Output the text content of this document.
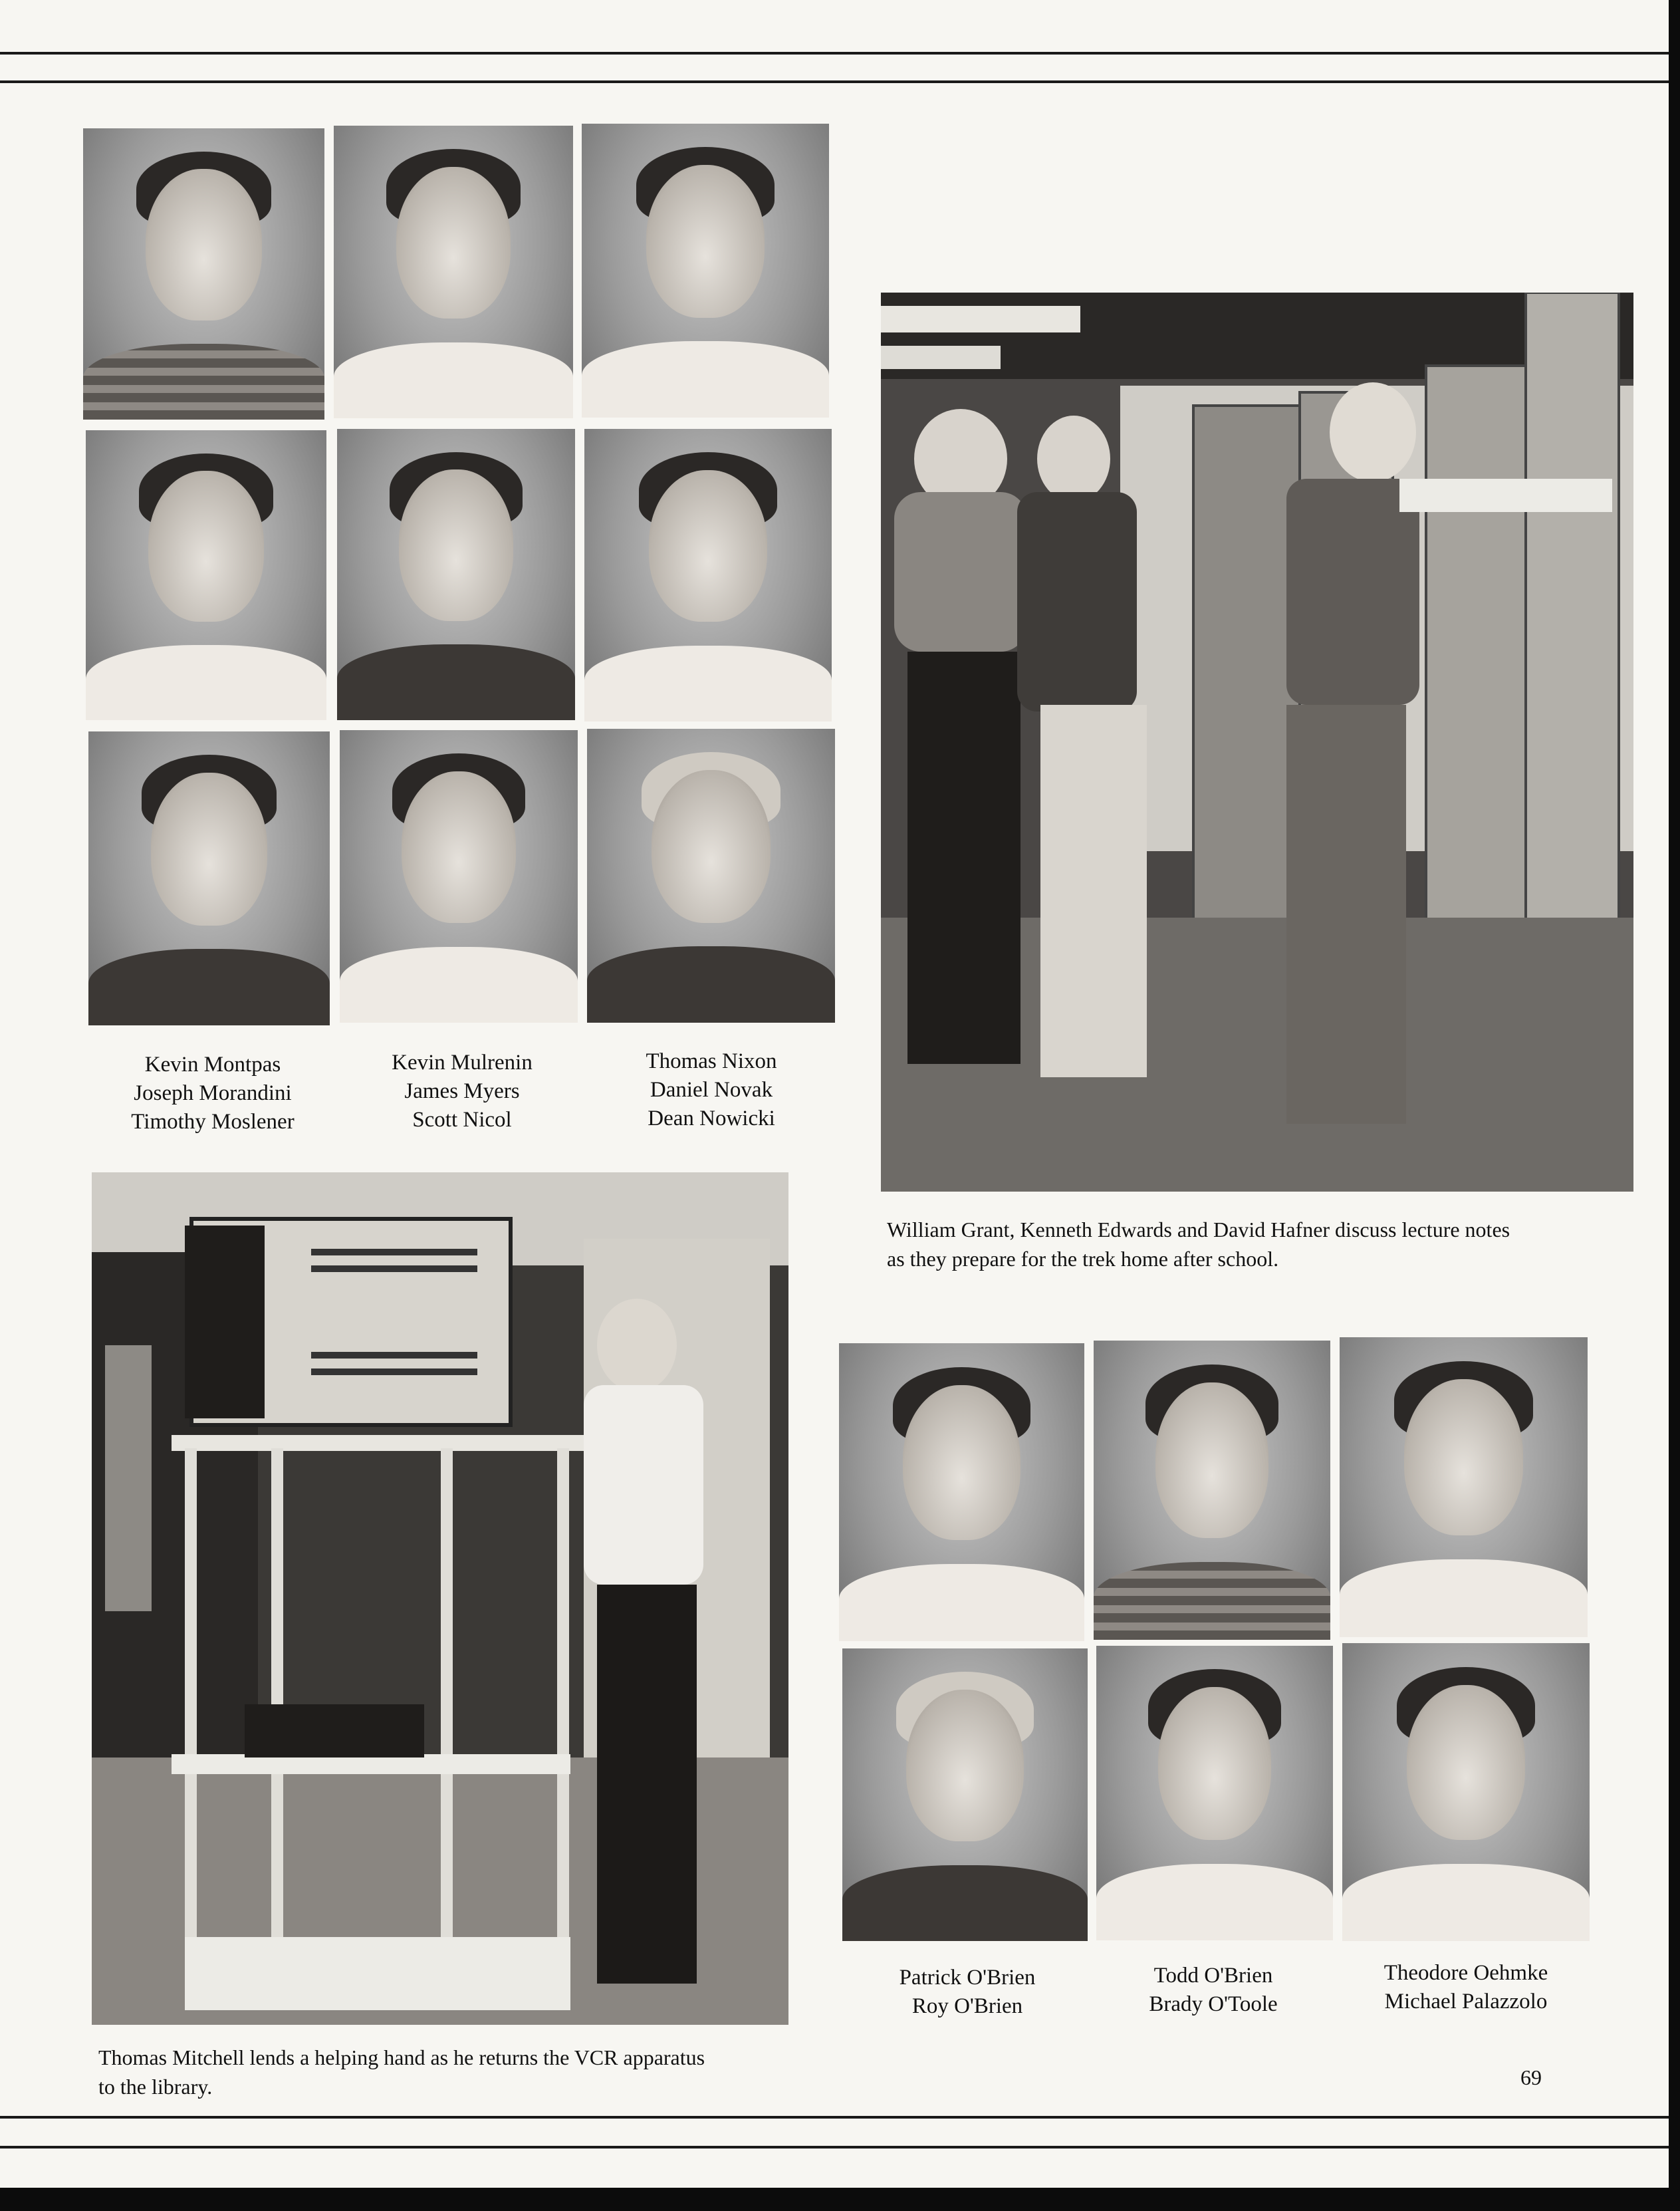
Kevin Montpas
Joseph Morandini
Timothy Moslener
Kevin Mulrenin
James Myers
Scott Nicol
Thomas Nixon
Daniel Novak
Dean Nowicki
William Grant, Kenneth Edwards and David Hafner discuss lecture notes
as they prepare for the trek home after school.
Thomas Mitchell lends a helping hand as he returns the VCR apparatus
to the library.
Patrick O'Brien
Roy O'Brien
Todd O'Brien
Brady O'Toole
Theodore Oehmke
Michael Palazzolo
69
